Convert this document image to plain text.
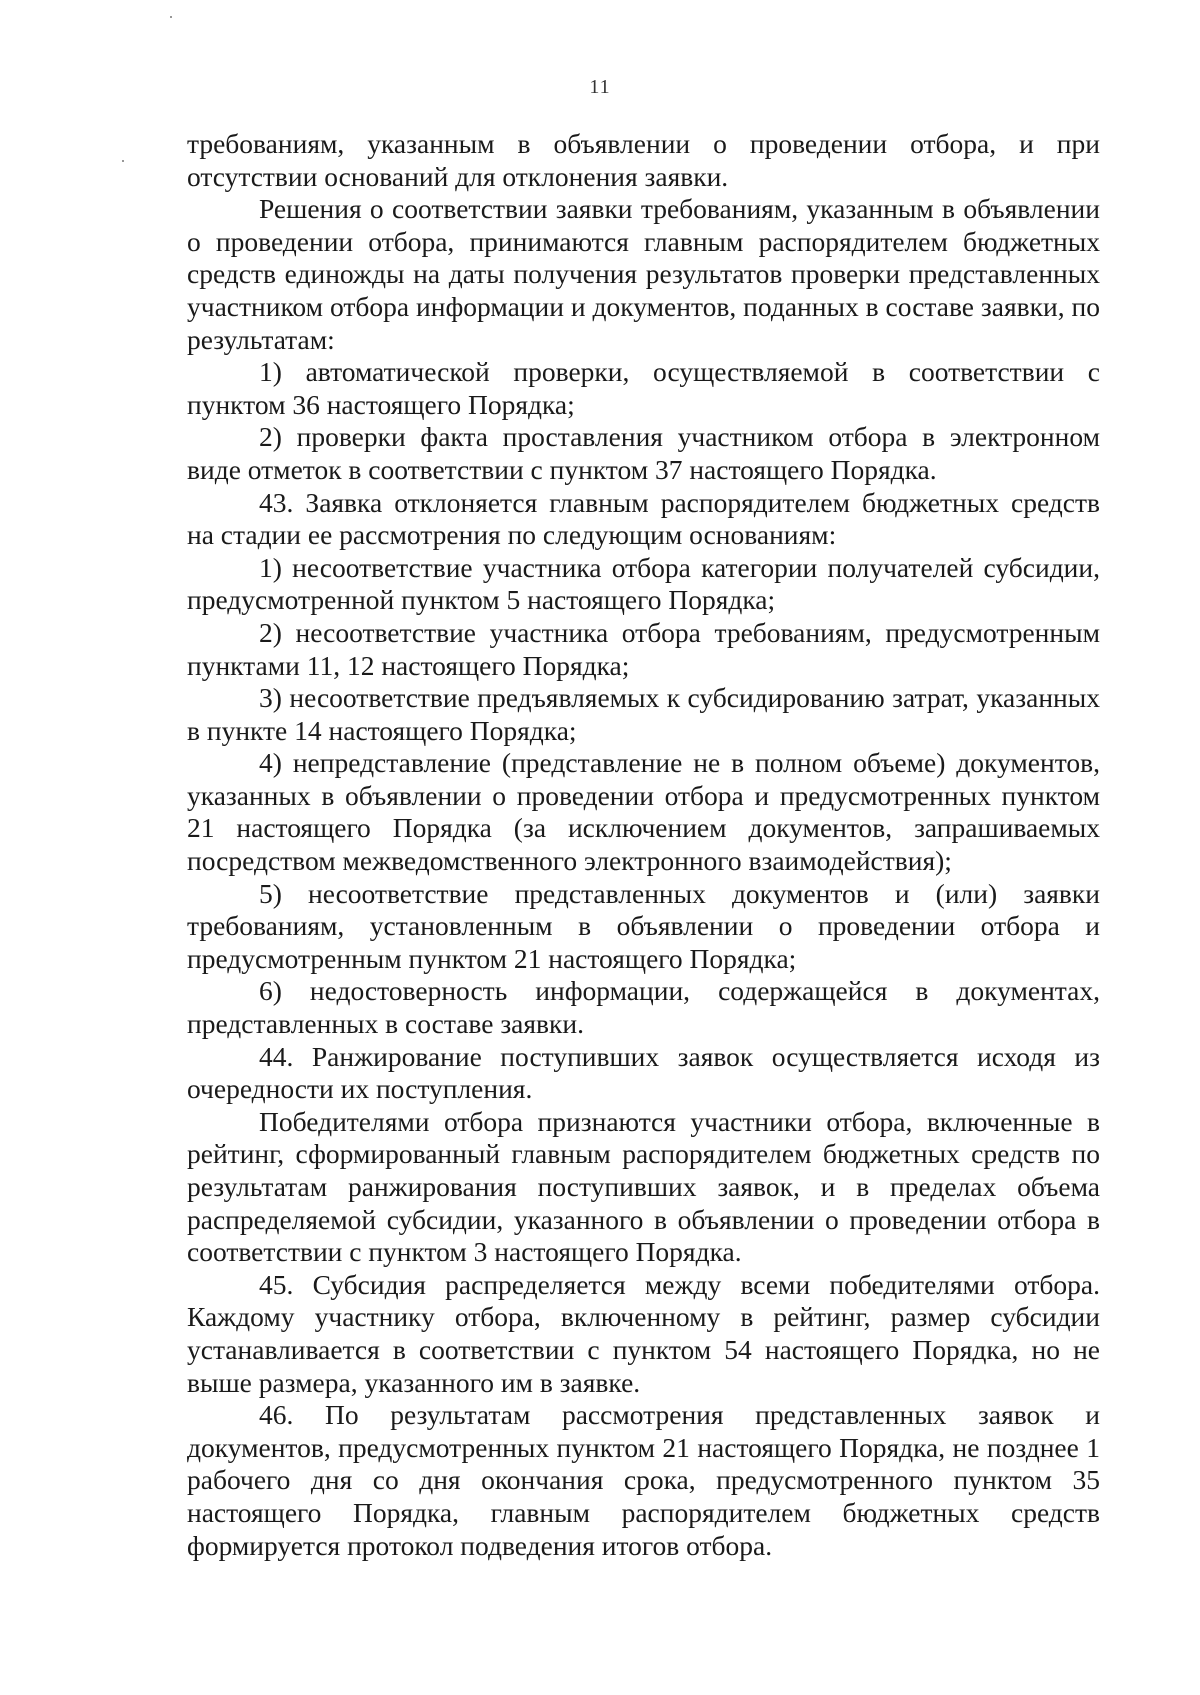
11

требованиям, указанным в объявлении о проведении отбора, и при отсутствии оснований для отклонения заявки.

Решения о соответствии заявки требованиям, указанным в объявлении о проведении отбора, принимаются главным распорядителем бюджетных средств единожды на даты получения результатов проверки представленных участником отбора информации и документов, поданных в составе заявки, по результатам:

1) автоматической проверки, осуществляемой в соответствии с пунктом 36 настоящего Порядка;

2) проверки факта проставления участником отбора в электронном виде отметок в соответствии с пунктом 37 настоящего Порядка.

43. Заявка отклоняется главным распорядителем бюджетных средств на стадии ее рассмотрения по следующим основаниям:

1) несоответствие участника отбора категории получателей субсидии, предусмотренной пунктом 5 настоящего Порядка;

2) несоответствие участника отбора требованиям, предусмотренным пунктами 11, 12 настоящего Порядка;

3) несоответствие предъявляемых к субсидированию затрат, указанных в пункте 14 настоящего Порядка;

4) непредставление (представление не в полном объеме) документов, указанных в объявлении о проведении отбора и предусмотренных пунктом 21 настоящего Порядка (за исключением документов, запрашиваемых посредством межведомственного электронного взаимодействия);

5) несоответствие представленных документов и (или) заявки требованиям, установленным в объявлении о проведении отбора и предусмотренным пунктом 21 настоящего Порядка;

6) недостоверность информации, содержащейся в документах, представленных в составе заявки.

44. Ранжирование поступивших заявок осуществляется исходя из очередности их поступления.

Победителями отбора признаются участники отбора, включенные в рейтинг, сформированный главным распорядителем бюджетных средств по результатам ранжирования поступивших заявок, и в пределах объема распределяемой субсидии, указанного в объявлении о проведении отбора в соответствии с пунктом 3 настоящего Порядка.

45. Субсидия распределяется между всеми победителями отбора. Каждому участнику отбора, включенному в рейтинг, размер субсидии устанавливается в соответствии с пунктом 54 настоящего Порядка, но не выше размера, указанного им в заявке.

46. По результатам рассмотрения представленных заявок и документов, предусмотренных пунктом 21 настоящего Порядка, не позднее 1 рабочего дня со дня окончания срока, предусмотренного пунктом 35 настоящего Порядка, главным распорядителем бюджетных средств формируется протокол подведения итогов отбора.
